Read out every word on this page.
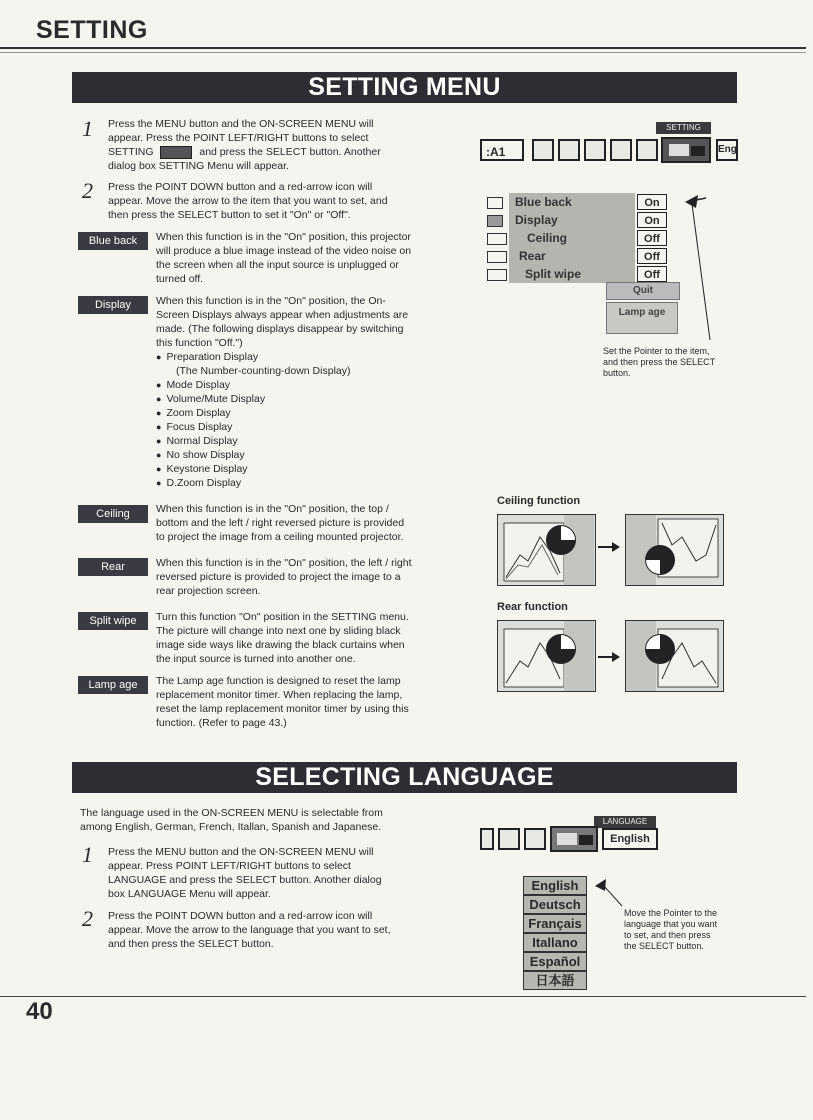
SETTING
SETTING MENU
1 Press the MENU button and the ON-SCREEN MENU will
appear. Press the POINT LEFT/RIGHT buttons to select
SETTING	and press the SELECT button. Another
dialog box SETTING Menu will appear.
2 Press the POINT DOWN button and a red-arrow icon will
appear. Move the arrow to the item that you want to set, and
then press the SELECT button to set it "On" or "Off".
Blue back	When this function is in the "On" position, this projector
will produce a blue image instead of the video noise on
the screen when all the input source is unplugged or
turned off.
Display	When this function is in the "On" position, the On-
Screen Displays always appear when adjustments are
made. (The following displays disappear by switching
this function "Off.")
● Preparation Display
(The Number-counting-down Display)
● Mode Display
● Volume/Mute Display
● Zoom Display
● Focus Display
● Normal Display
● No show Display
● Keystone Display
● D.Zoom Display
Ceiling	When this function is in the "On" position, the top /
bottom and the left / right reversed picture is provided
to project the image from a ceiling mounted projector.
Rear	When this function is in the "On" position, the left / right
reversed picture is provided to project the image to a
rear projection screen.
Split wipe	Turn this function "On" position in the SETTING menu.
The picture will change into next one by sliding black
image side ways like drawing the black curtains when
the input source is turned into another one.
Lamp age	The Lamp age function is designed to reset the lamp
replacement monitor timer. When replacing the lamp,
reset the lamp replacement monitor timer by using this
function. (Refer to page 43.)
SETTING
:A1	Eng
Blue back	On
Display	On
Ceiling	Off
Rear	Off
Split wipe	Off
Quit
Lamp age
Set the Pointer to the item,
and then press the SELECT
button.
Ceiling function
Rear function
SELECTING LANGUAGE
The language used in the ON-SCREEN MENU is selectable from
among English, German, French, Itallan, Spanish and Japanese.
1 Press the MENU button and the ON-SCREEN MENU will
appear. Press POINT LEFT/RIGHT buttons to select
LANGUAGE and press the SELECT button. Another dialog
box LANGUAGE Menu will appear.
2 Press the POINT DOWN button and a red-arrow icon will
appear. Move the arrow to the language that you want to set,
and then press the SELECT button.
LANGUAGE
English
English
Deutsch
Français
Itallano
Español
日本語
Move the Pointer to the
language that you want
to set, and then press
the SELECT button.
40
